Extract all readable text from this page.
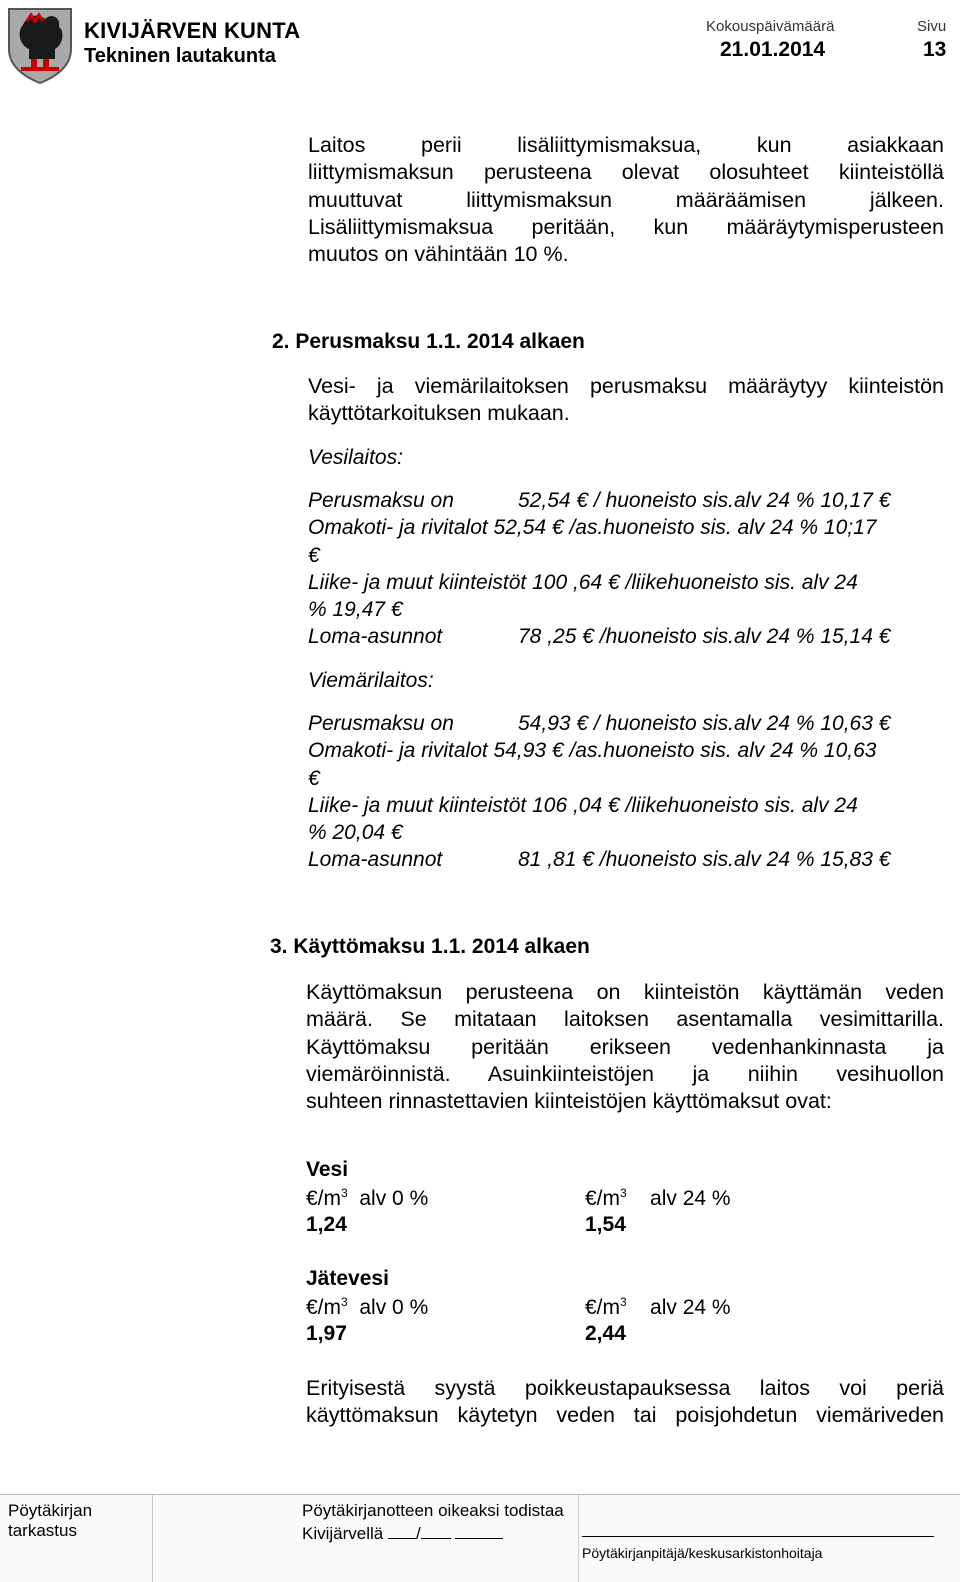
KIVIJÄRVEN KUNTA
Tekninen lautakunta
Kokouspäivämäärä
21.01.2014
Sivu
13
Laitos perii lisäliittymismaksua, kun asiakkaan
liittymismaksun perusteena olevat olosuhteet kiinteistöllä
muuttuvat liittymismaksun määräämisen jälkeen.
Lisäliittymismaksua peritään, kun määräytymisperusteen
muutos on vähintään 10 %.
2. Perusmaksu 1.1. 2014 alkaen
Vesi- ja viemärilaitoksen perusmaksu määräytyy kiinteistön
käyttötarkoituksen mukaan.
Vesilaitos:
Perusmaksu on	52,54 € / huoneisto sis.alv 24 % 10,17 €
Omakoti- ja rivitalot 52,54 € /as.huoneisto sis. alv 24 % 10;17
€
Liike- ja muut kiinteistöt 100 ,64 € /liikehuoneisto sis. alv 24
% 19,47 €
Loma-asunnot	78 ,25 € /huoneisto sis.alv 24 % 15,14 €
Viemärilaitos:
Perusmaksu on	54,93 € / huoneisto sis.alv 24 % 10,63 €
Omakoti- ja rivitalot 54,93 € /as.huoneisto sis. alv 24 % 10,63
€
Liike- ja muut kiinteistöt 106 ,04 € /liikehuoneisto sis. alv 24
% 20,04 €
Loma-asunnot	81 ,81 € /huoneisto sis.alv 24 % 15,83 €
3. Käyttömaksu 1.1. 2014 alkaen
Käyttömaksun perusteena on kiinteistön käyttämän veden
määrä. Se mitataan laitoksen asentamalla vesimittarilla.
Käyttömaksu peritään erikseen vedenhankinnasta ja
viemäröinnistä. Asuinkiinteistöjen ja niihin vesihuollon
suhteen rinnastettavien kiinteistöjen käyttömaksut ovat:
Vesi
$€/m^3$ alv 0 %	$€/m^3$ alv 24 %
1,24	1,54
Jätevesi
$€/m^3$ alv 0 %	$€/m^3$ alv 24 %
1,97	2,44
Erityisestä syystä poikkeustapauksessa laitos voi periä
käyttömaksun käytetyn veden tai poisjohdetun viemäriveden
Pöytäkirjan tarkastus
Pöytäkirjanotteen oikeaksi todistaa
Kivijärvellä /
Pöytäkirjanpitäjä/keskusarkistonhoitaja
